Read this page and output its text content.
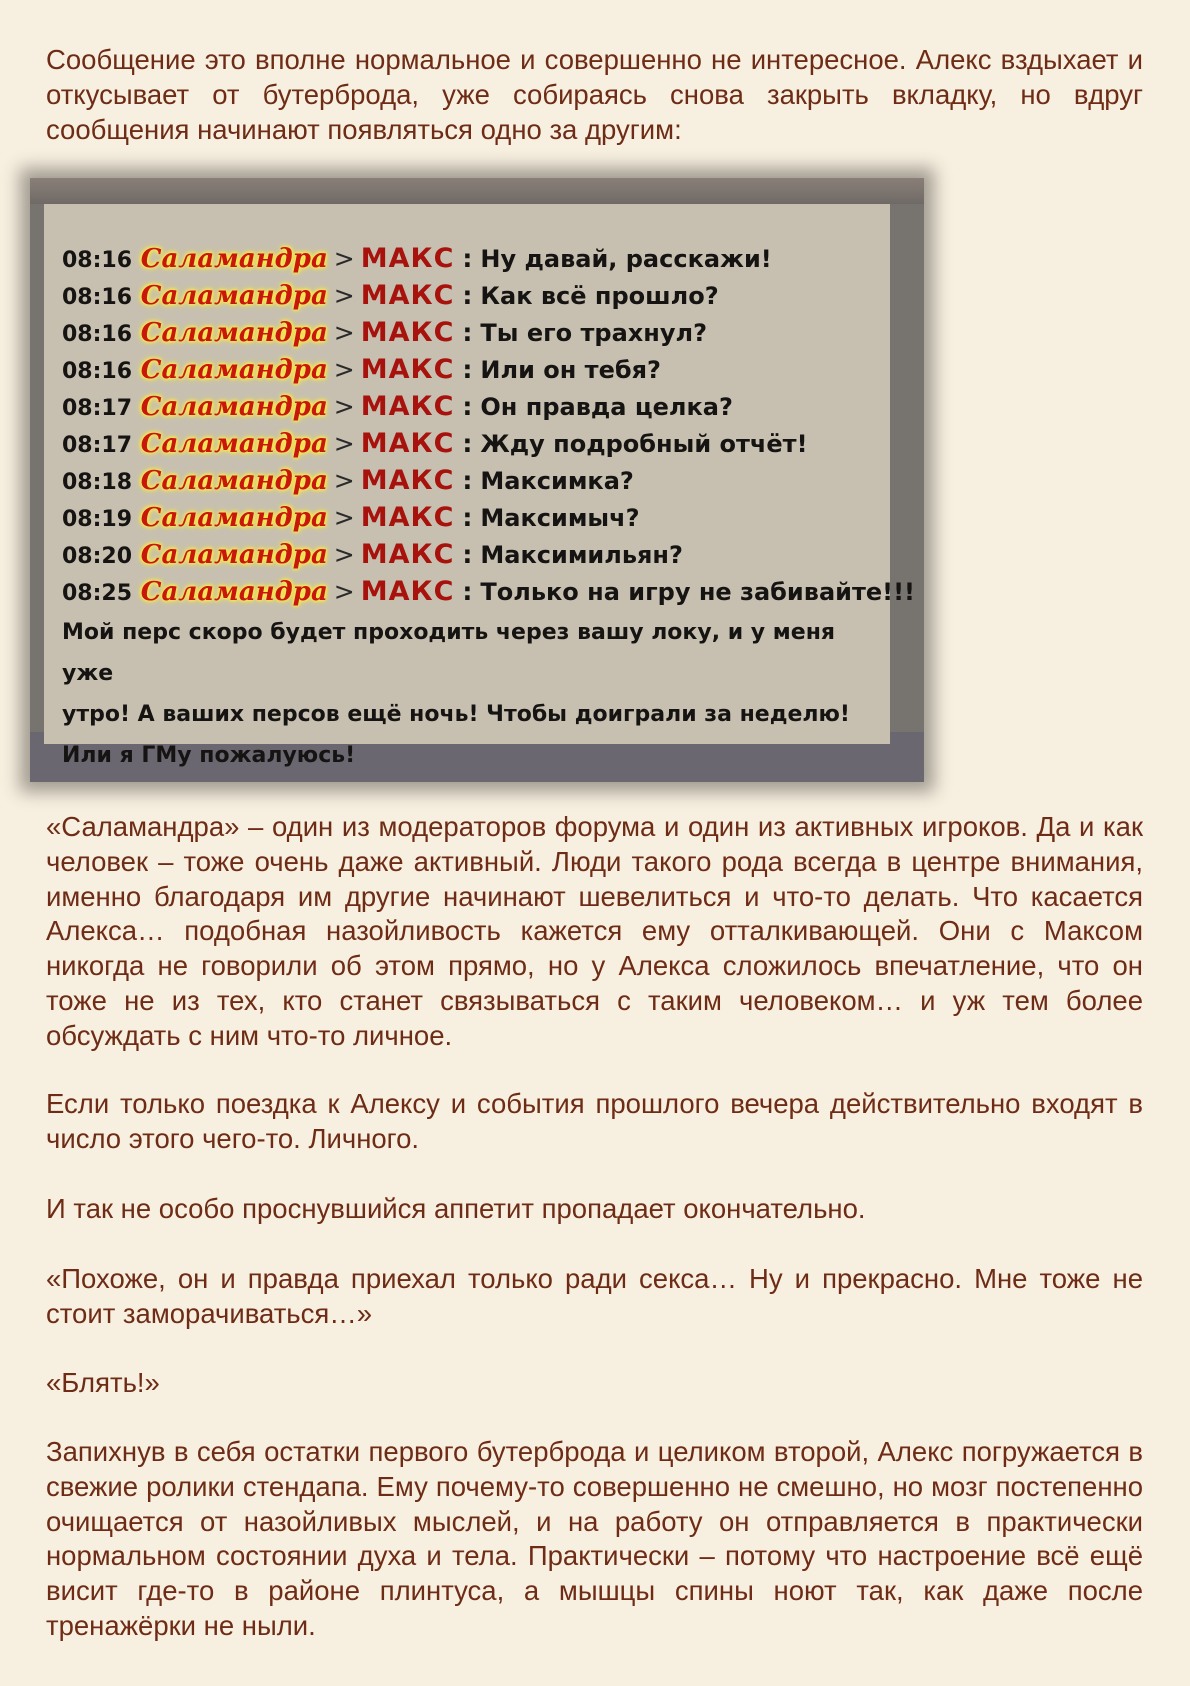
Сообщение это вполне нормальное и совершенно не интересное. Алекс вздыхает и откусывает от бутерброда, уже собираясь снова закрыть вкладку, но вдруг сообщения начинают появляться одно за другим:

08:16 Саламандра > МАКС : Ну давай, расскажи!
08:16 Саламандра > МАКС : Как всё прошло?
08:16 Саламандра > МАКС : Ты его трахнул?
08:16 Саламандра > МАКС : Или он тебя?
08:17 Саламандра > МАКС : Он правда целка?
08:17 Саламандра > МАКС : Жду подробный отчёт!
08:18 Саламандра > МАКС : Максимка?
08:19 Саламандра > МАКС : Максимыч?
08:20 Саламандра > МАКС : Максимильян?
08:25 Саламандра > МАКС : Только на игру не забивайте!!!
Мой перс скоро будет проходить через вашу локу, и у меня уже
утро! А ваших персов ещё ночь! Чтобы доиграли за неделю!
Или я ГМу пожалуюсь!

«Саламандра» – один из модераторов форума и один из активных игроков. Да и как человек – тоже очень даже активный. Люди такого рода всегда в центре внимания, именно благодаря им другие начинают шевелиться и что-то делать. Что касается Алекса… подобная назойливость кажется ему отталкивающей. Они с Максом никогда не говорили об этом прямо, но у Алекса сложилось впечатление, что он тоже не из тех, кто станет связываться с таким человеком… и уж тем более обсуждать с ним что-то личное.

Если только поездка к Алексу и события прошлого вечера действительно входят в число этого чего-то. Личного.

И так не особо проснувшийся аппетит пропадает окончательно.

«Похоже, он и правда приехал только ради секса… Ну и прекрасно. Мне тоже не стоит заморачиваться…»

«Блять!»

Запихнув в себя остатки первого бутерброда и целиком второй, Алекс погружается в свежие ролики стендапа. Ему почему-то совершенно не смешно, но мозг постепенно очищается от назойливых мыслей, и на работу он отправляется в практически нормальном состоянии духа и тела. Практически – потому что настроение всё ещё висит где-то в районе плинтуса, а мышцы спины ноют так, как даже после тренажёрки не ныли.
